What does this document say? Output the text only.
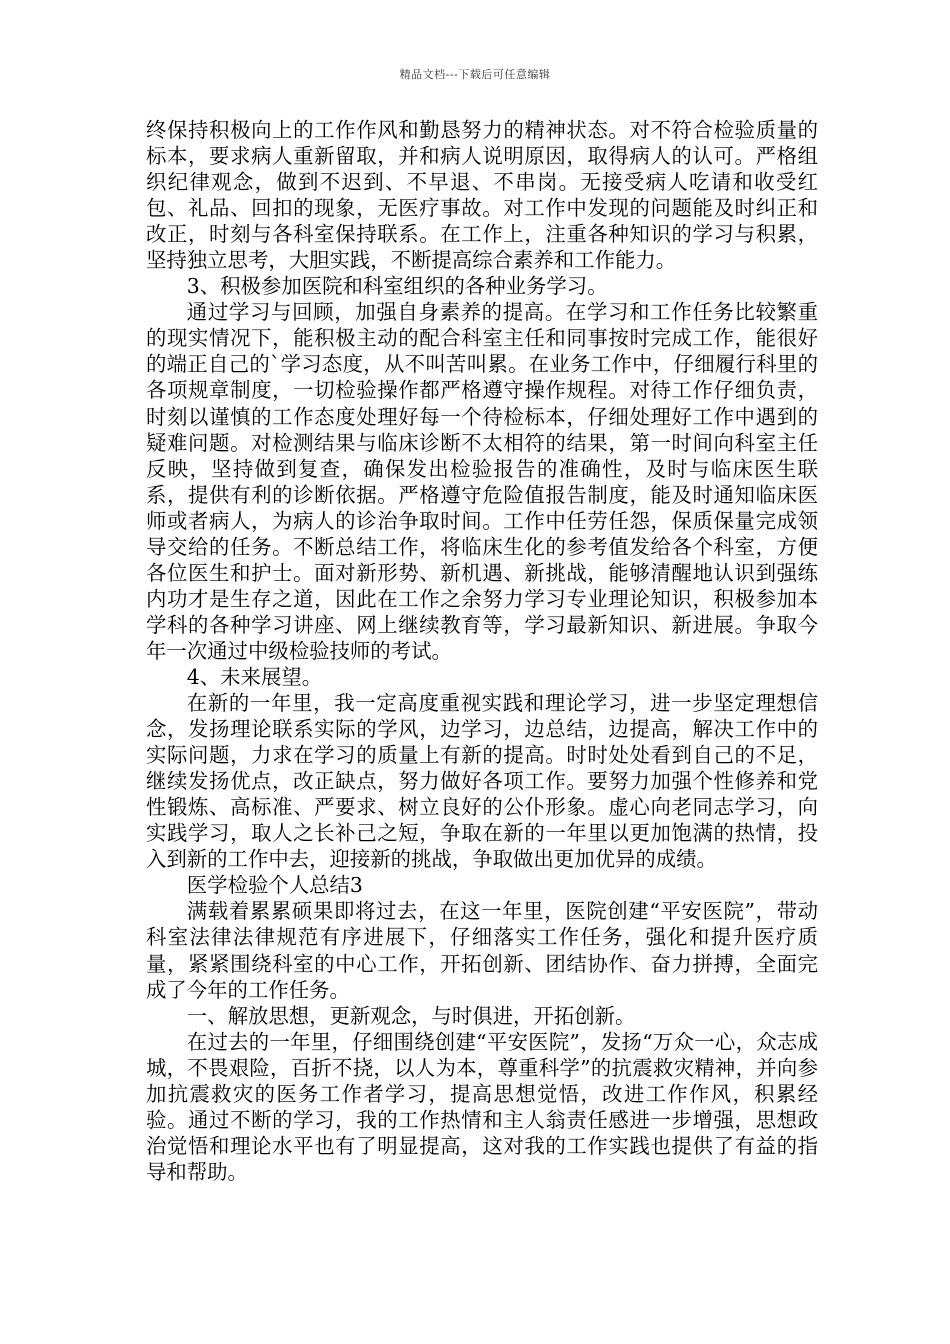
精品文档---下载后可任意编辑

终保持积极向上的工作作风和勤恳努力的精神状态。对不符合检验质量的标本，要求病人重新留取，并和病人说明原因，取得病人的认可。严格组织纪律观念，做到不迟到、不早退、不串岗。无接受病人吃请和收受红包、礼品、回扣的现象，无医疗事故。对工作中发现的问题能及时纠正和改正，时刻与各科室保持联系。在工作上，注重各种知识的学习与积累，坚持独立思考，大胆实践，不断提高综合素养和工作能力。

3、积极参加医院和科室组织的各种业务学习。

通过学习与回顾，加强自身素养的提高。在学习和工作任务比较繁重的现实情况下，能积极主动的配合科室主任和同事按时完成工作，能很好的端正自己的`学习态度，从不叫苦叫累。在业务工作中，仔细履行科里的各项规章制度，一切检验操作都严格遵守操作规程。对待工作仔细负责，时刻以谨慎的工作态度处理好每一个待检标本，仔细处理好工作中遇到的疑难问题。对检测结果与临床诊断不太相符的结果，第一时间向科室主任反映，坚持做到复查，确保发出检验报告的准确性，及时与临床医生联系，提供有利的诊断依据。严格遵守危险值报告制度，能及时通知临床医师或者病人，为病人的诊治争取时间。工作中任劳任怨，保质保量完成领导交给的任务。不断总结工作，将临床生化的参考值发给各个科室，方便各位医生和护士。面对新形势、新机遇、新挑战，能够清醒地认识到强练内功才是生存之道，因此在工作之余努力学习专业理论知识，积极参加本学科的各种学习讲座、网上继续教育等，学习最新知识、新进展。争取今年一次通过中级检验技师的考试。

4、未来展望。

在新的一年里，我一定高度重视实践和理论学习，进一步坚定理想信念，发扬理论联系实际的学风，边学习，边总结，边提高，解决工作中的实际问题，力求在学习的质量上有新的提高。时时处处看到自己的不足，继续发扬优点，改正缺点，努力做好各项工作。要努力加强个性修养和党性锻炼、高标准、严要求、树立良好的公仆形象。虚心向老同志学习，向实践学习，取人之长补己之短，争取在新的一年里以更加饱满的热情，投入到新的工作中去，迎接新的挑战，争取做出更加优异的成绩。

医学检验个人总结3

满载着累累硕果即将过去，在这一年里，医院创建“平安医院”，带动科室法律法律规范有序进展下，仔细落实工作任务，强化和提升医疗质量，紧紧围绕科室的中心工作，开拓创新、团结协作、奋力拼搏，全面完成了今年的工作任务。

一、解放思想，更新观念，与时俱进，开拓创新。

在过去的一年里，仔细围绕创建“平安医院”，发扬“万众一心，众志成城，不畏艰险，百折不挠，以人为本，尊重科学”的抗震救灾精神，并向参加抗震救灾的医务工作者学习，提高思想觉悟，改进工作作风，积累经验。通过不断的学习，我的工作热情和主人翁责任感进一步增强，思想政治觉悟和理论水平也有了明显提高，这对我的工作实践也提供了有益的指导和帮助。
